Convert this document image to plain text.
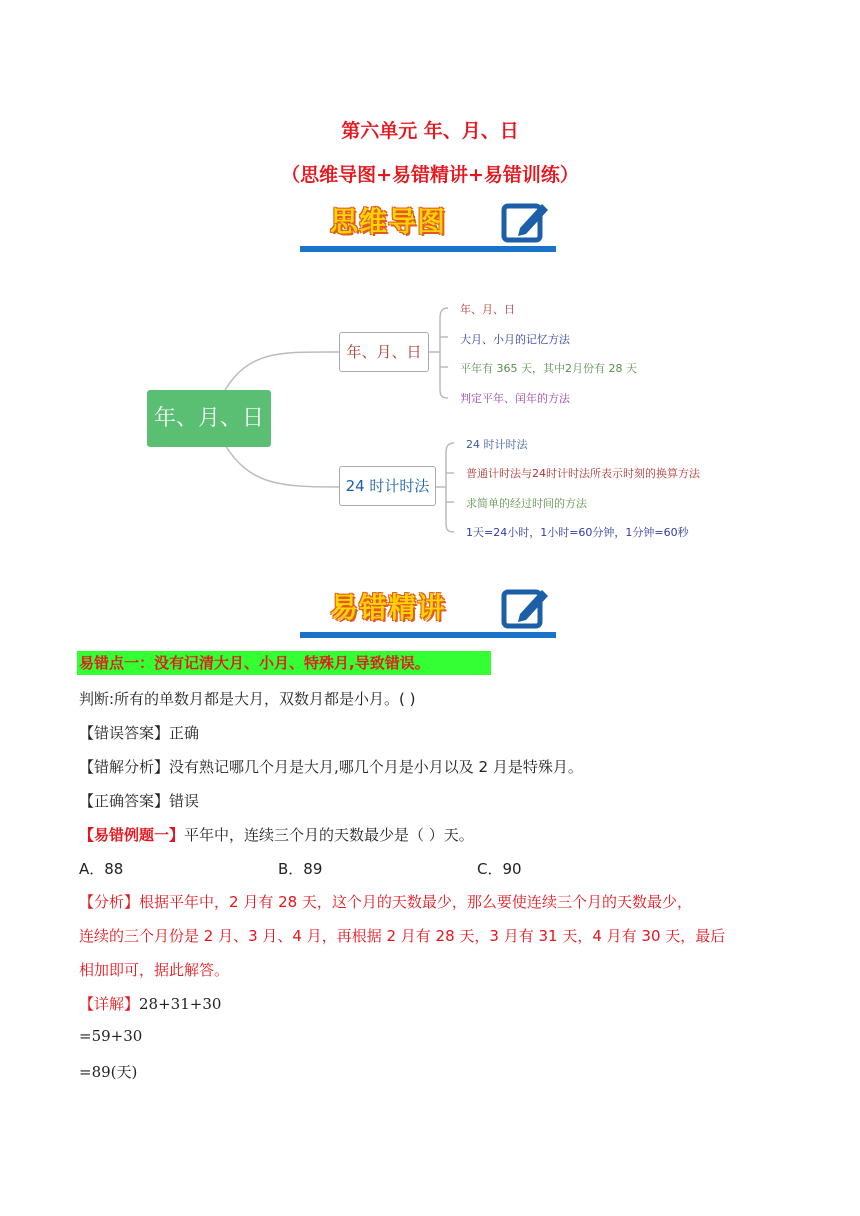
第六单元 年、月、日
（思维导图+易错精讲+易错训练）
思维导图
年、月、日
年、月、日
24 时计时法
年、月、日
大月、小月的记忆方法
平年有 365 天，其中2月份有 28 天
判定平年、闰年的方法
24 时计时法
普通计时法与24时计时法所表示时刻的换算方法
求简单的经过时间的方法
1天=24小时，1小时=60分钟，1分钟=60秒
易错精讲
易错点一：没有记清大月、小月、特殊月,导致错误。
判断:所有的单数月都是大月，双数月都是小月。( )
【错误答案】正确
【错解分析】没有熟记哪几个月是大月,哪几个月是小月以及 2 月是特殊月。
【正确答案】错误
【易错例题一】平年中，连续三个月的天数最少是（ ）天。
A．88	B．89	C．90
【分析】根据平年中，2 月有 28 天，这个月的天数最少，那么要使连续三个月的天数最少，
连续的三个月份是 2 月、3 月、4 月，再根据 2 月有 28 天，3 月有 31 天，4 月有 30 天，最后
相加即可，据此解答。
【详解】28+31+30
=59+30
=89(天)
